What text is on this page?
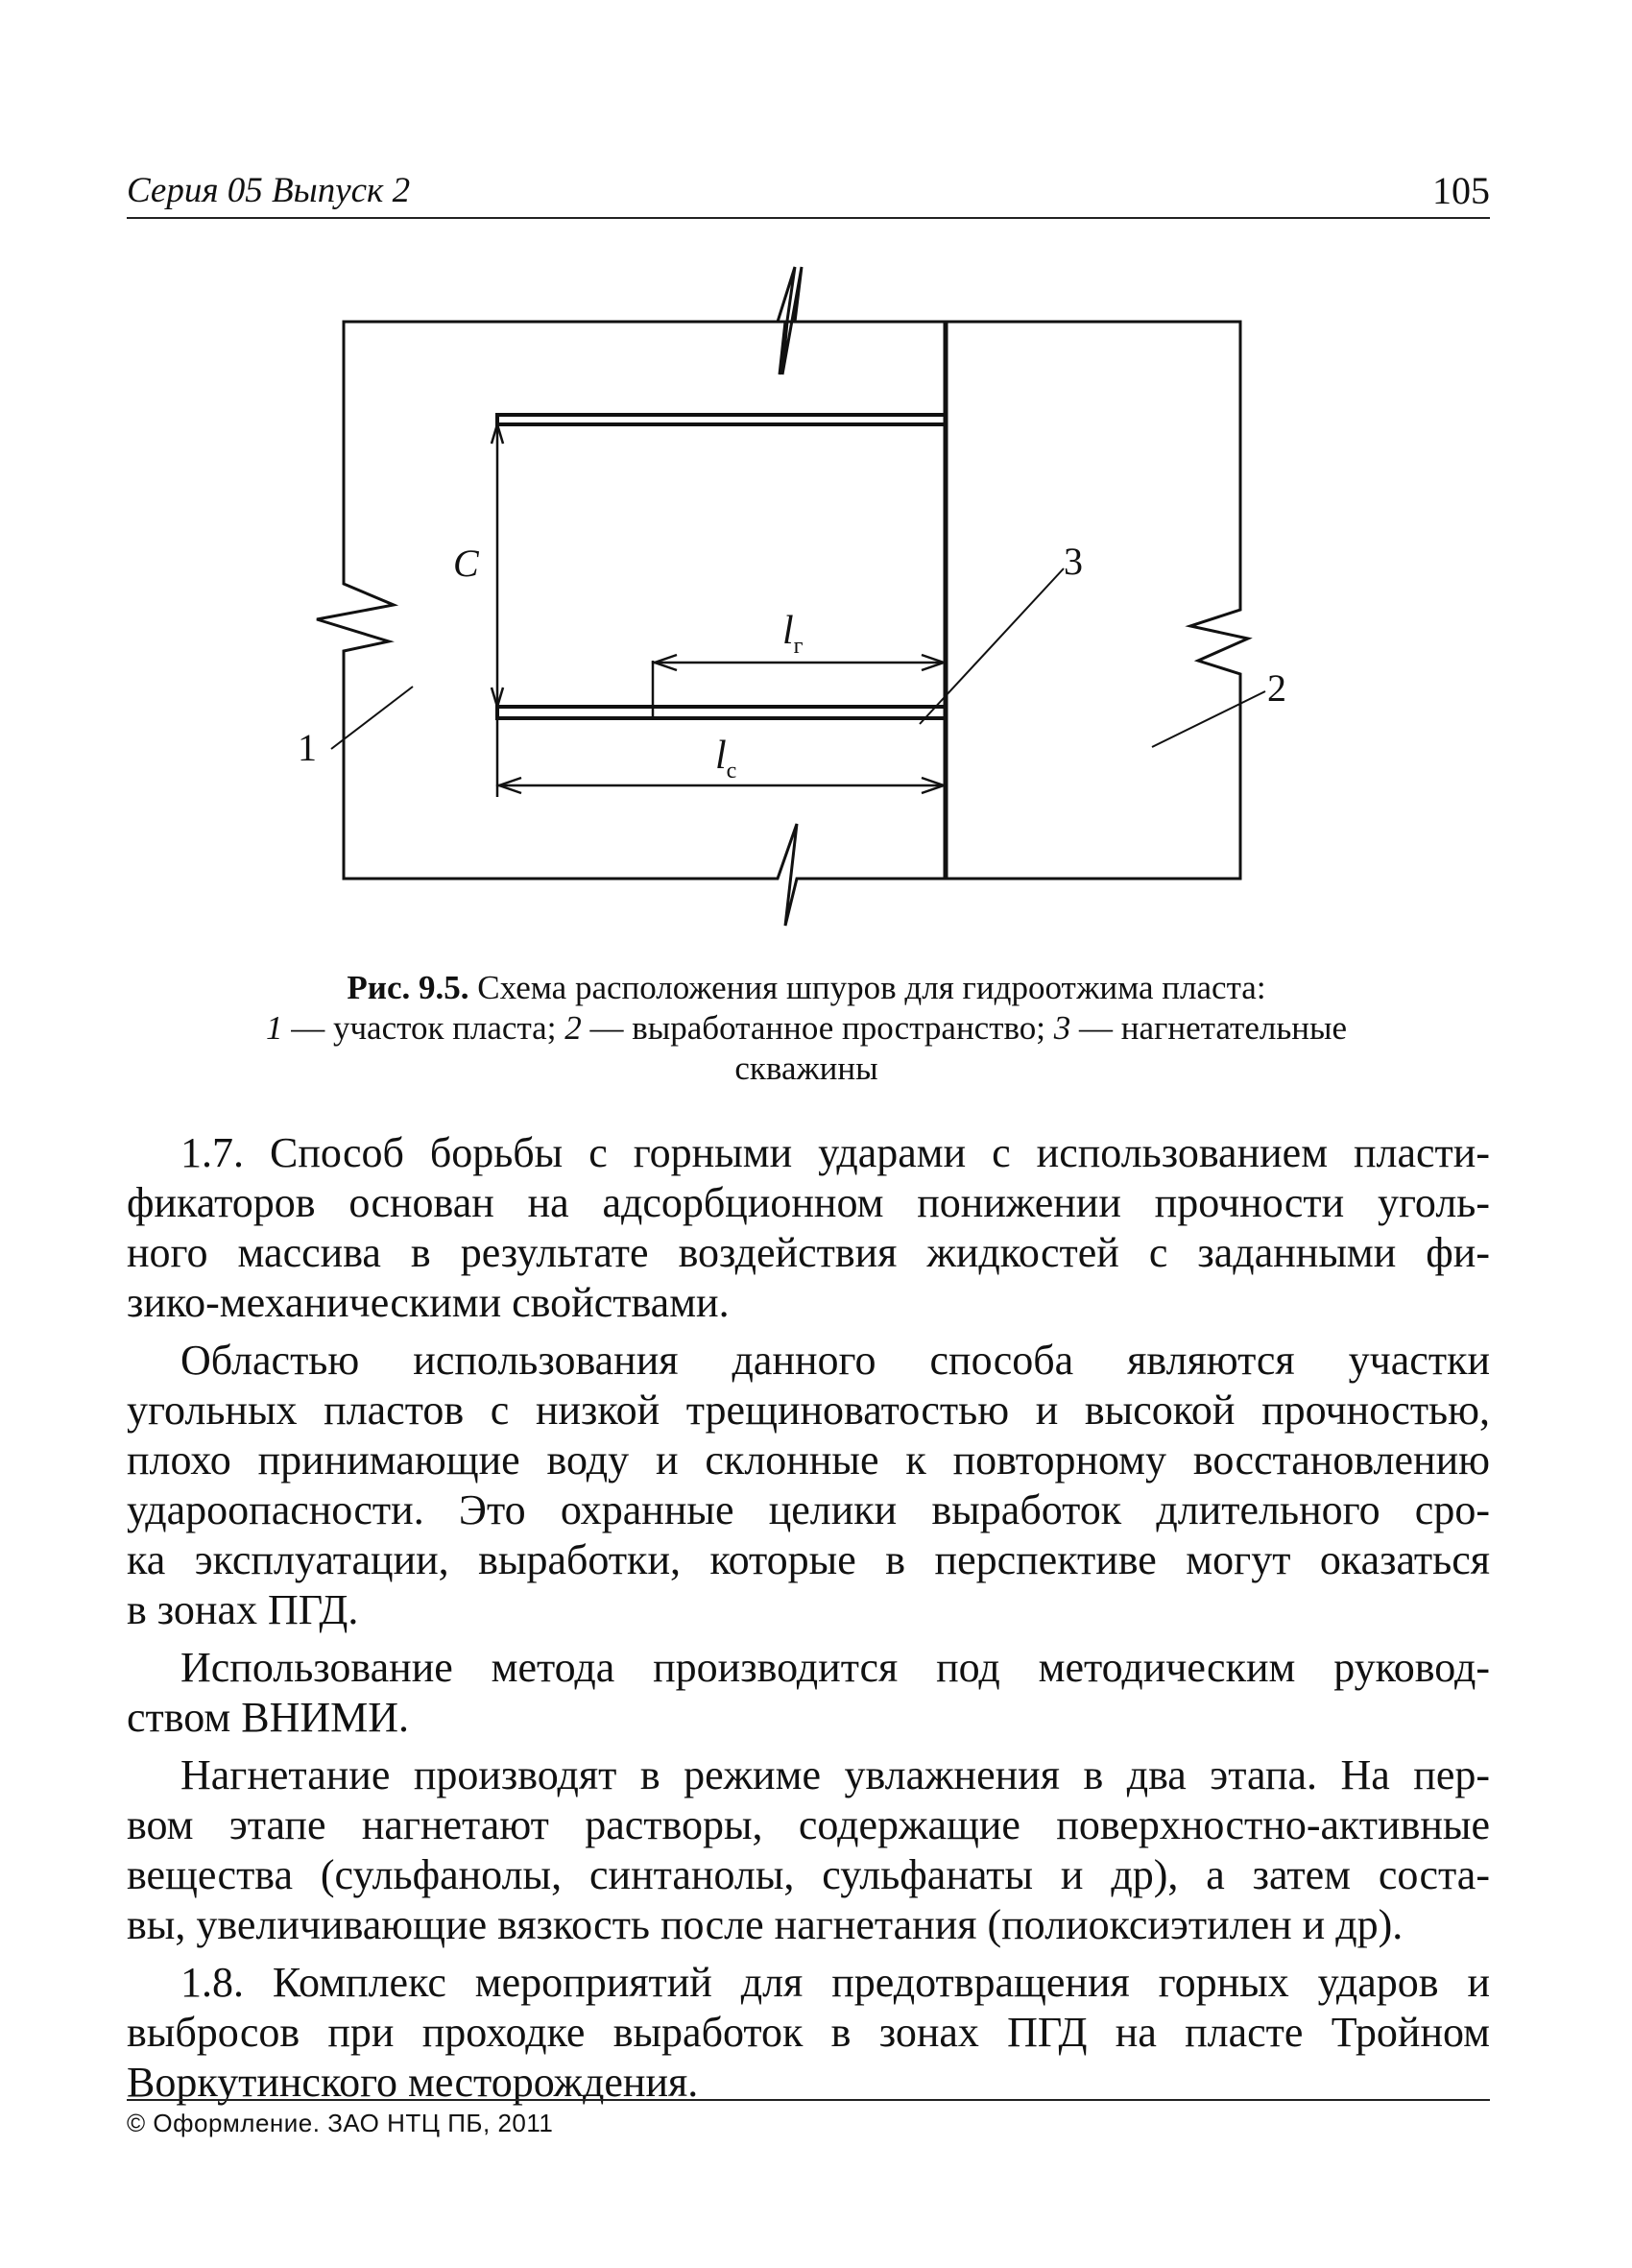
Серия 05 Выпуск 2	105
C
$l_г$
$l_с$
1
2
3
Рис. 9.5. Схема расположения шпуров для гидроотжима пласта:
1 — участок пласта; 2 — выработанное пространство; 3 — нагнетательные
скважины
1.7. Способ борьбы с горными ударами с использованием пласти-
фикаторов основан на адсорбционном понижении прочности уголь-
ного массива в результате воздействия жидкостей с заданными фи-
зико-механическими свойствами.
Областью использования данного способа являются участки
угольных пластов с низкой трещиноватостью и высокой прочностью,
плохо принимающие воду и склонные к повторному восстановлению
удароопасности. Это охранные целики выработок длительного сро-
ка эксплуатации, выработки, которые в перспективе могут оказаться
в зонах ПГД.
Использование метода производится под методическим руковод-
ством ВНИМИ.
Нагнетание производят в режиме увлажнения в два этапа. На пер-
вом этапе нагнетают растворы, содержащие поверхностно-активные
вещества (сульфанолы, синтанолы, сульфанаты и др), а затем соста-
вы, увеличивающие вязкость после нагнетания (полиоксиэтилен и др).
1.8. Комплекс мероприятий для предотвращения горных ударов и
выбросов при проходке выработок в зонах ПГД на пласте Тройном
Воркутинского месторождения.
© Оформление. ЗАО НТЦ ПБ, 2011
